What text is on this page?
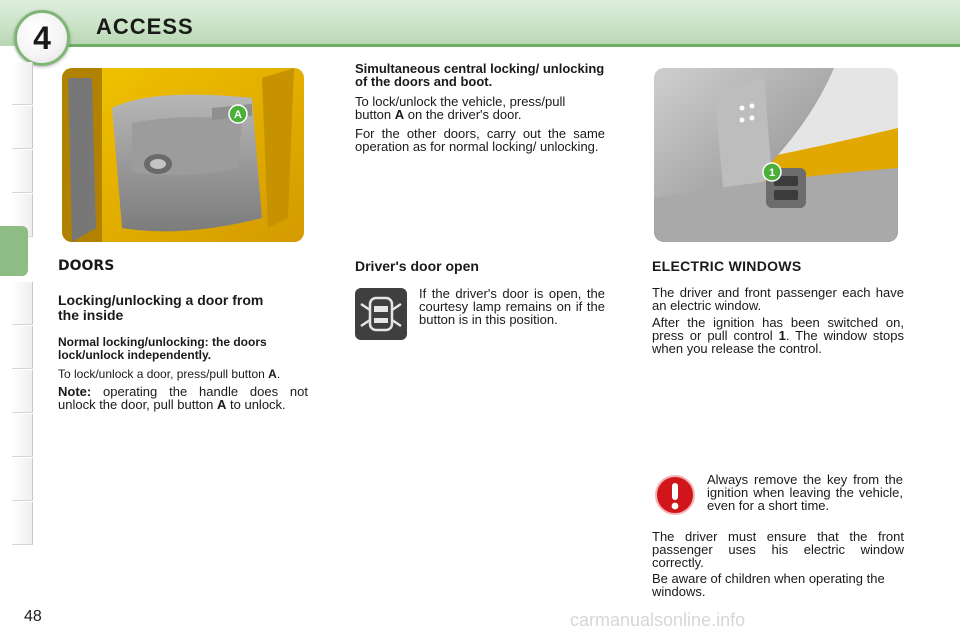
4	ACCESS
A
1

Simultaneous central locking/ unlocking of the doors and boot.

To lock/unlock the vehicle, press/pull button A on the driver's door.

For the other doors, carry out the same operation as for normal locking/ unlocking.

DOORS
Locking/unlocking a door from the inside
Normal locking/unlocking: the doors lock/unlock independently.
To lock/unlock a door, press/pull button A.
Note: operating the handle does not unlock the door, pull button A to unlock.
Driver's door open
If the driver's door is open, the courtesy lamp remains on if the button is in this position.
ELECTRIC WINDOWS
The driver and front passenger each have an electric window.
After the ignition has been switched on, press or pull control 1. The window stops when you release the control.
Always remove the key from the ignition when leaving the vehicle, even for a short time.
The driver must ensure that the front passenger uses his electric window correctly.
Be aware of children when operating the windows.
48	carmanualsonline.info
